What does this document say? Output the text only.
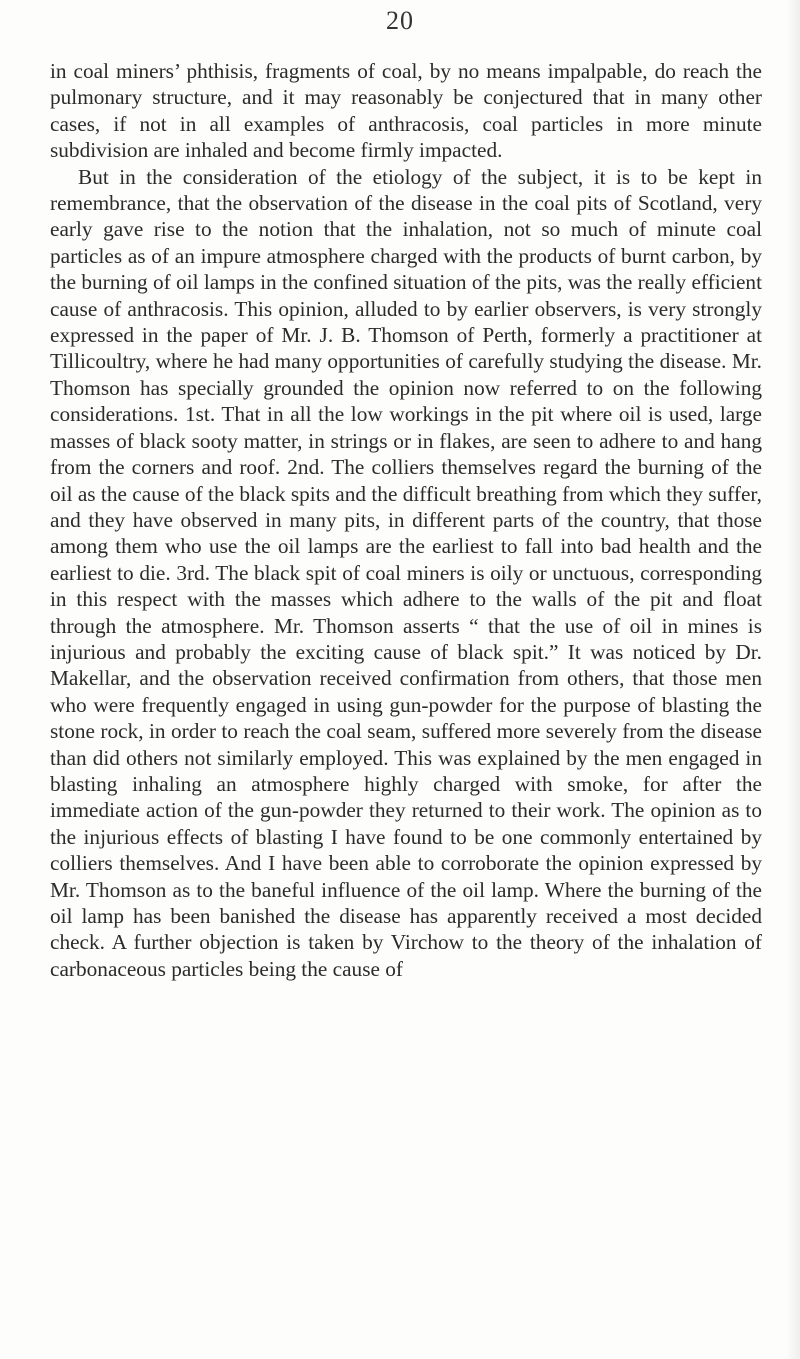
20

in coal miners’ phthisis, fragments of coal, by no means impalpable, do reach the pulmonary structure, and it may reasonably be conjectured that in many other cases, if not in all examples of anthracosis, coal particles in more minute subdivision are inhaled and become firmly impacted.

But in the consideration of the etiology of the subject, it is to be kept in remembrance, that the observation of the disease in the coal pits of Scotland, very early gave rise to the notion that the inhalation, not so much of minute coal particles as of an impure atmosphere charged with the products of burnt carbon, by the burning of oil lamps in the confined situation of the pits, was the really efficient cause of anthracosis. This opinion, alluded to by earlier observers, is very strongly expressed in the paper of Mr. J. B. Thomson of Perth, formerly a practitioner at Tillicoultry, where he had many opportunities of carefully studying the disease. Mr. Thomson has specially grounded the opinion now referred to on the following considerations. 1st. That in all the low workings in the pit where oil is used, large masses of black sooty matter, in strings or in flakes, are seen to adhere to and hang from the corners and roof. 2nd. The colliers themselves regard the burning of the oil as the cause of the black spits and the difficult breathing from which they suffer, and they have observed in many pits, in different parts of the country, that those among them who use the oil lamps are the earliest to fall into bad health and the earliest to die. 3rd. The black spit of coal miners is oily or unctuous, corresponding in this respect with the masses which adhere to the walls of the pit and float through the atmosphere. Mr. Thomson asserts “ that the use of oil in mines is injurious and probably the exciting cause of black spit.” It was noticed by Dr. Makellar, and the observation received confirmation from others, that those men who were frequently engaged in using gun-powder for the purpose of blasting the stone rock, in order to reach the coal seam, suffered more severely from the disease than did others not similarly employed. This was explained by the men engaged in blasting inhaling an atmosphere highly charged with smoke, for after the immediate action of the gun-powder they returned to their work. The opinion as to the injurious effects of blasting I have found to be one commonly entertained by colliers themselves. And I have been able to corroborate the opinion expressed by Mr. Thomson as to the baneful influence of the oil lamp. Where the burning of the oil lamp has been banished the disease has apparently received a most decided check. A further objection is taken by Virchow to the theory of the inhalation of carbonaceous particles being the cause of
